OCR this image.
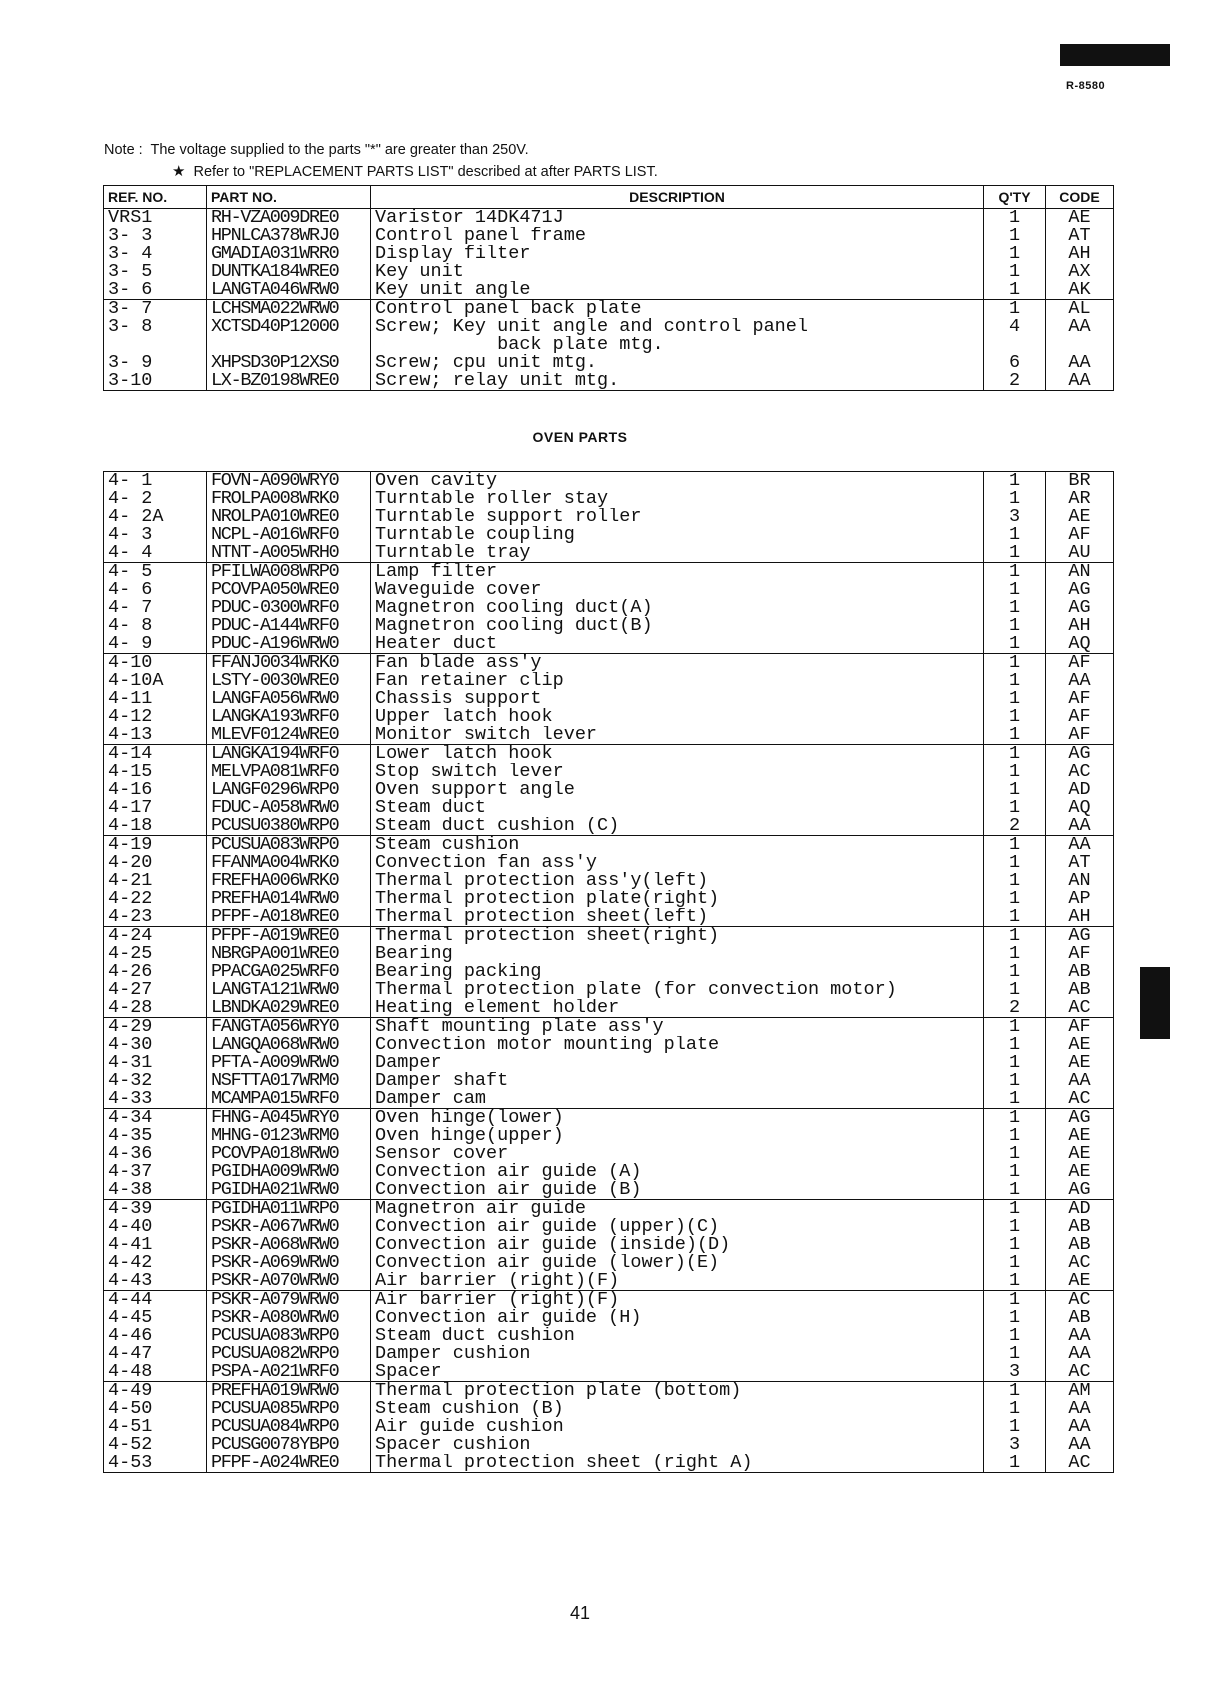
R-8580
Note : The voltage supplied to the parts "*" are greater than 250V.
★ Refer to "REPLACEMENT PARTS LIST" described at after PARTS LIST.
REF. NO.	PART NO.	DESCRIPTION	Q'TY	CODE
VRS1	RH-VZA009DRE0	Varistor 14DK471J	1	AE
3- 3	HPNLCA378WRJ0	Control panel frame	1	AT
3- 4	GMADIA031WRR0	Display filter	1	AH
3- 5	DUNTKA184WRE0	Key unit	1	AX
3- 6	LANGTA046WRW0	Key unit angle	1	AK
3- 7	LCHSMA022WRW0	Control panel back plate	1	AL
3- 8	XCTSD40P12000	Screw; Key unit angle and control panel	4	AA
		back plate mtg.		
3- 9	XHPSD30P12XS0	Screw; cpu unit mtg.	6	AA
3-10	LX-BZ0198WRE0	Screw; relay unit mtg.	2	AA
OVEN PARTS
4- 1	FOVN-A090WRY0	Oven cavity	1	BR
4- 2	FROLPA008WRK0	Turntable roller stay	1	AR
4- 2A	NROLPA010WRE0	Turntable support roller	3	AE
4- 3	NCPL-A016WRF0	Turntable coupling	1	AF
4- 4	NTNT-A005WRH0	Turntable tray	1	AU
4- 5	PFILWA008WRP0	Lamp filter	1	AN
4- 6	PCOVPA050WRE0	Waveguide cover	1	AG
4- 7	PDUC-0300WRF0	Magnetron cooling duct(A)	1	AG
4- 8	PDUC-A144WRF0	Magnetron cooling duct(B)	1	AH
4- 9	PDUC-A196WRW0	Heater duct	1	AQ
4-10	FFANJ0034WRK0	Fan blade ass'y	1	AF
4-10A	LSTY-0030WRE0	Fan retainer clip	1	AA
4-11	LANGFA056WRW0	Chassis support	1	AF
4-12	LANGKA193WRF0	Upper latch hook	1	AF
4-13	MLEVF0124WRE0	Monitor switch lever	1	AF
4-14	LANGKA194WRF0	Lower latch hook	1	AG
4-15	MELVPA081WRF0	Stop switch lever	1	AC
4-16	LANGF0296WRP0	Oven support angle	1	AD
4-17	FDUC-A058WRW0	Steam duct	1	AQ
4-18	PCUSU0380WRP0	Steam duct cushion (C)	2	AA
4-19	PCUSUA083WRP0	Steam cushion	1	AA
4-20	FFANMA004WRK0	Convection fan ass'y	1	AT
4-21	FREFHA006WRK0	Thermal protection ass'y(left)	1	AN
4-22	PREFHA014WRW0	Thermal protection plate(right)	1	AP
4-23	PFPF-A018WRE0	Thermal protection sheet(left)	1	AH
4-24	PFPF-A019WRE0	Thermal protection sheet(right)	1	AG
4-25	NBRGPA001WRE0	Bearing	1	AF
4-26	PPACGA025WRF0	Bearing packing	1	AB
4-27	LANGTA121WRW0	Thermal protection plate (for convection motor)	1	AB
4-28	LBNDKA029WRE0	Heating element holder	2	AC
4-29	FANGTA056WRY0	Shaft mounting plate ass'y	1	AF
4-30	LANGQA068WRW0	Convection motor mounting plate	1	AE
4-31	PFTA-A009WRW0	Damper	1	AE
4-32	NSFTTA017WRM0	Damper shaft	1	AA
4-33	MCAMPA015WRF0	Damper cam	1	AC
4-34	FHNG-A045WRY0	Oven hinge(lower)	1	AG
4-35	MHNG-0123WRM0	Oven hinge(upper)	1	AE
4-36	PCOVPA018WRW0	Sensor cover	1	AE
4-37	PGIDHA009WRW0	Convection air guide (A)	1	AE
4-38	PGIDHA021WRW0	Convection air guide (B)	1	AG
4-39	PGIDHA011WRP0	Magnetron air guide	1	AD
4-40	PSKR-A067WRW0	Convection air guide (upper)(C)	1	AB
4-41	PSKR-A068WRW0	Convection air guide (inside)(D)	1	AB
4-42	PSKR-A069WRW0	Convection air guide (lower)(E)	1	AC
4-43	PSKR-A070WRW0	Air barrier (right)(F)	1	AE
4-44	PSKR-A079WRW0	Air barrier (right)(F)	1	AC
4-45	PSKR-A080WRW0	Convection air guide (H)	1	AB
4-46	PCUSUA083WRP0	Steam duct cushion	1	AA
4-47	PCUSUA082WRP0	Damper cushion	1	AA
4-48	PSPA-A021WRF0	Spacer	3	AC
4-49	PREFHA019WRW0	Thermal protection plate (bottom)	1	AM
4-50	PCUSUA085WRP0	Steam cushion (B)	1	AA
4-51	PCUSUA084WRP0	Air guide cushion	1	AA
4-52	PCUSG0078YBP0	Spacer cushion	3	AA
4-53	PFPF-A024WRE0	Thermal protection sheet (right A)	1	AC
41
